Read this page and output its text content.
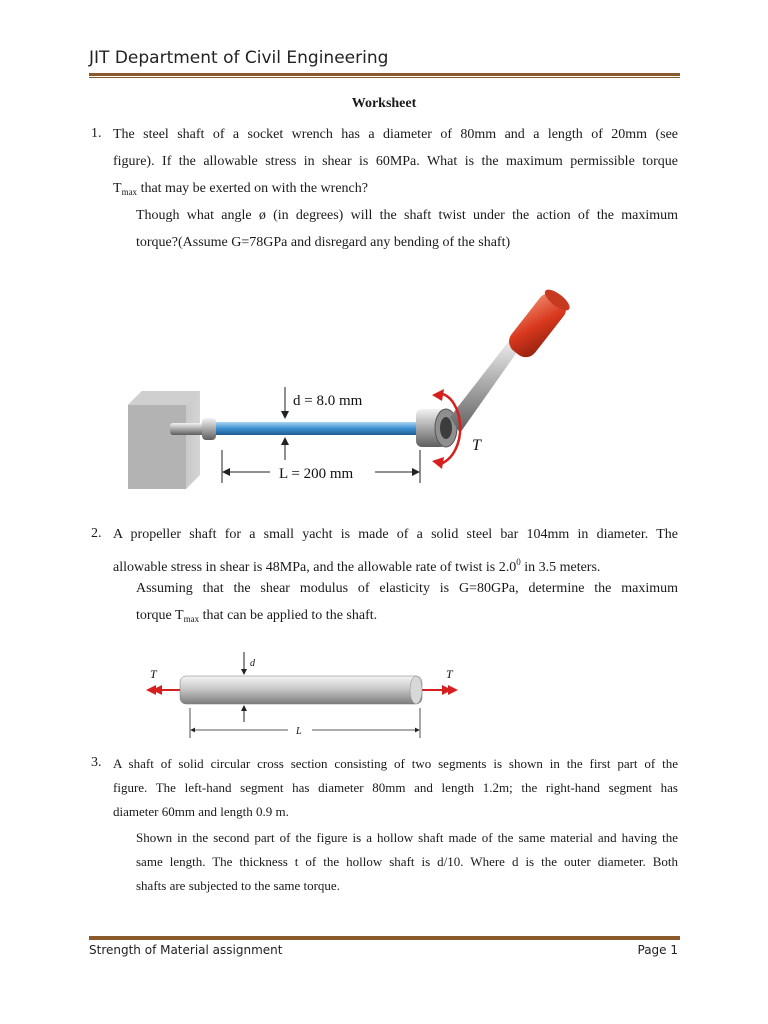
JIT Department of Civil Engineering
Worksheet
1. The steel shaft of a socket wrench has a diameter of 80mm and a length of 20mm (see
figure). If the allowable stress in shear is 60MPa. What is the maximum permissible torque
$T_{max}$ that may be exerted on with the wrench?
Though what angle ø (in degrees) will the shaft twist under the action of the maximum
torque?(Assume G=78GPa and disregard any bending of the shaft)
d = 8.0 mm
L = 200 mm
T
2. A propeller shaft for a small yacht is made of a solid steel bar 104mm in diameter. The
allowable stress in shear is 48MPa, and the allowable rate of twist is $2.0^0$ in 3.5 meters.
Assuming that the shear modulus of elasticity is G=80GPa, determine the maximum
torque $T_{max}$ that can be applied to the shaft.
T	T
d
L
3. A shaft of solid circular cross section consisting of two segments is shown in the first part of the
figure. The left-hand segment has diameter 80mm and length 1.2m; the right-hand segment has
diameter 60mm and length 0.9 m.
Shown in the second part of the figure is a hollow shaft made of the same material and having the
same length. The thickness t of the hollow shaft is d/10. Where d is the outer diameter. Both
shafts are subjected to the same torque.
Strength of Material assignment	Page 1
